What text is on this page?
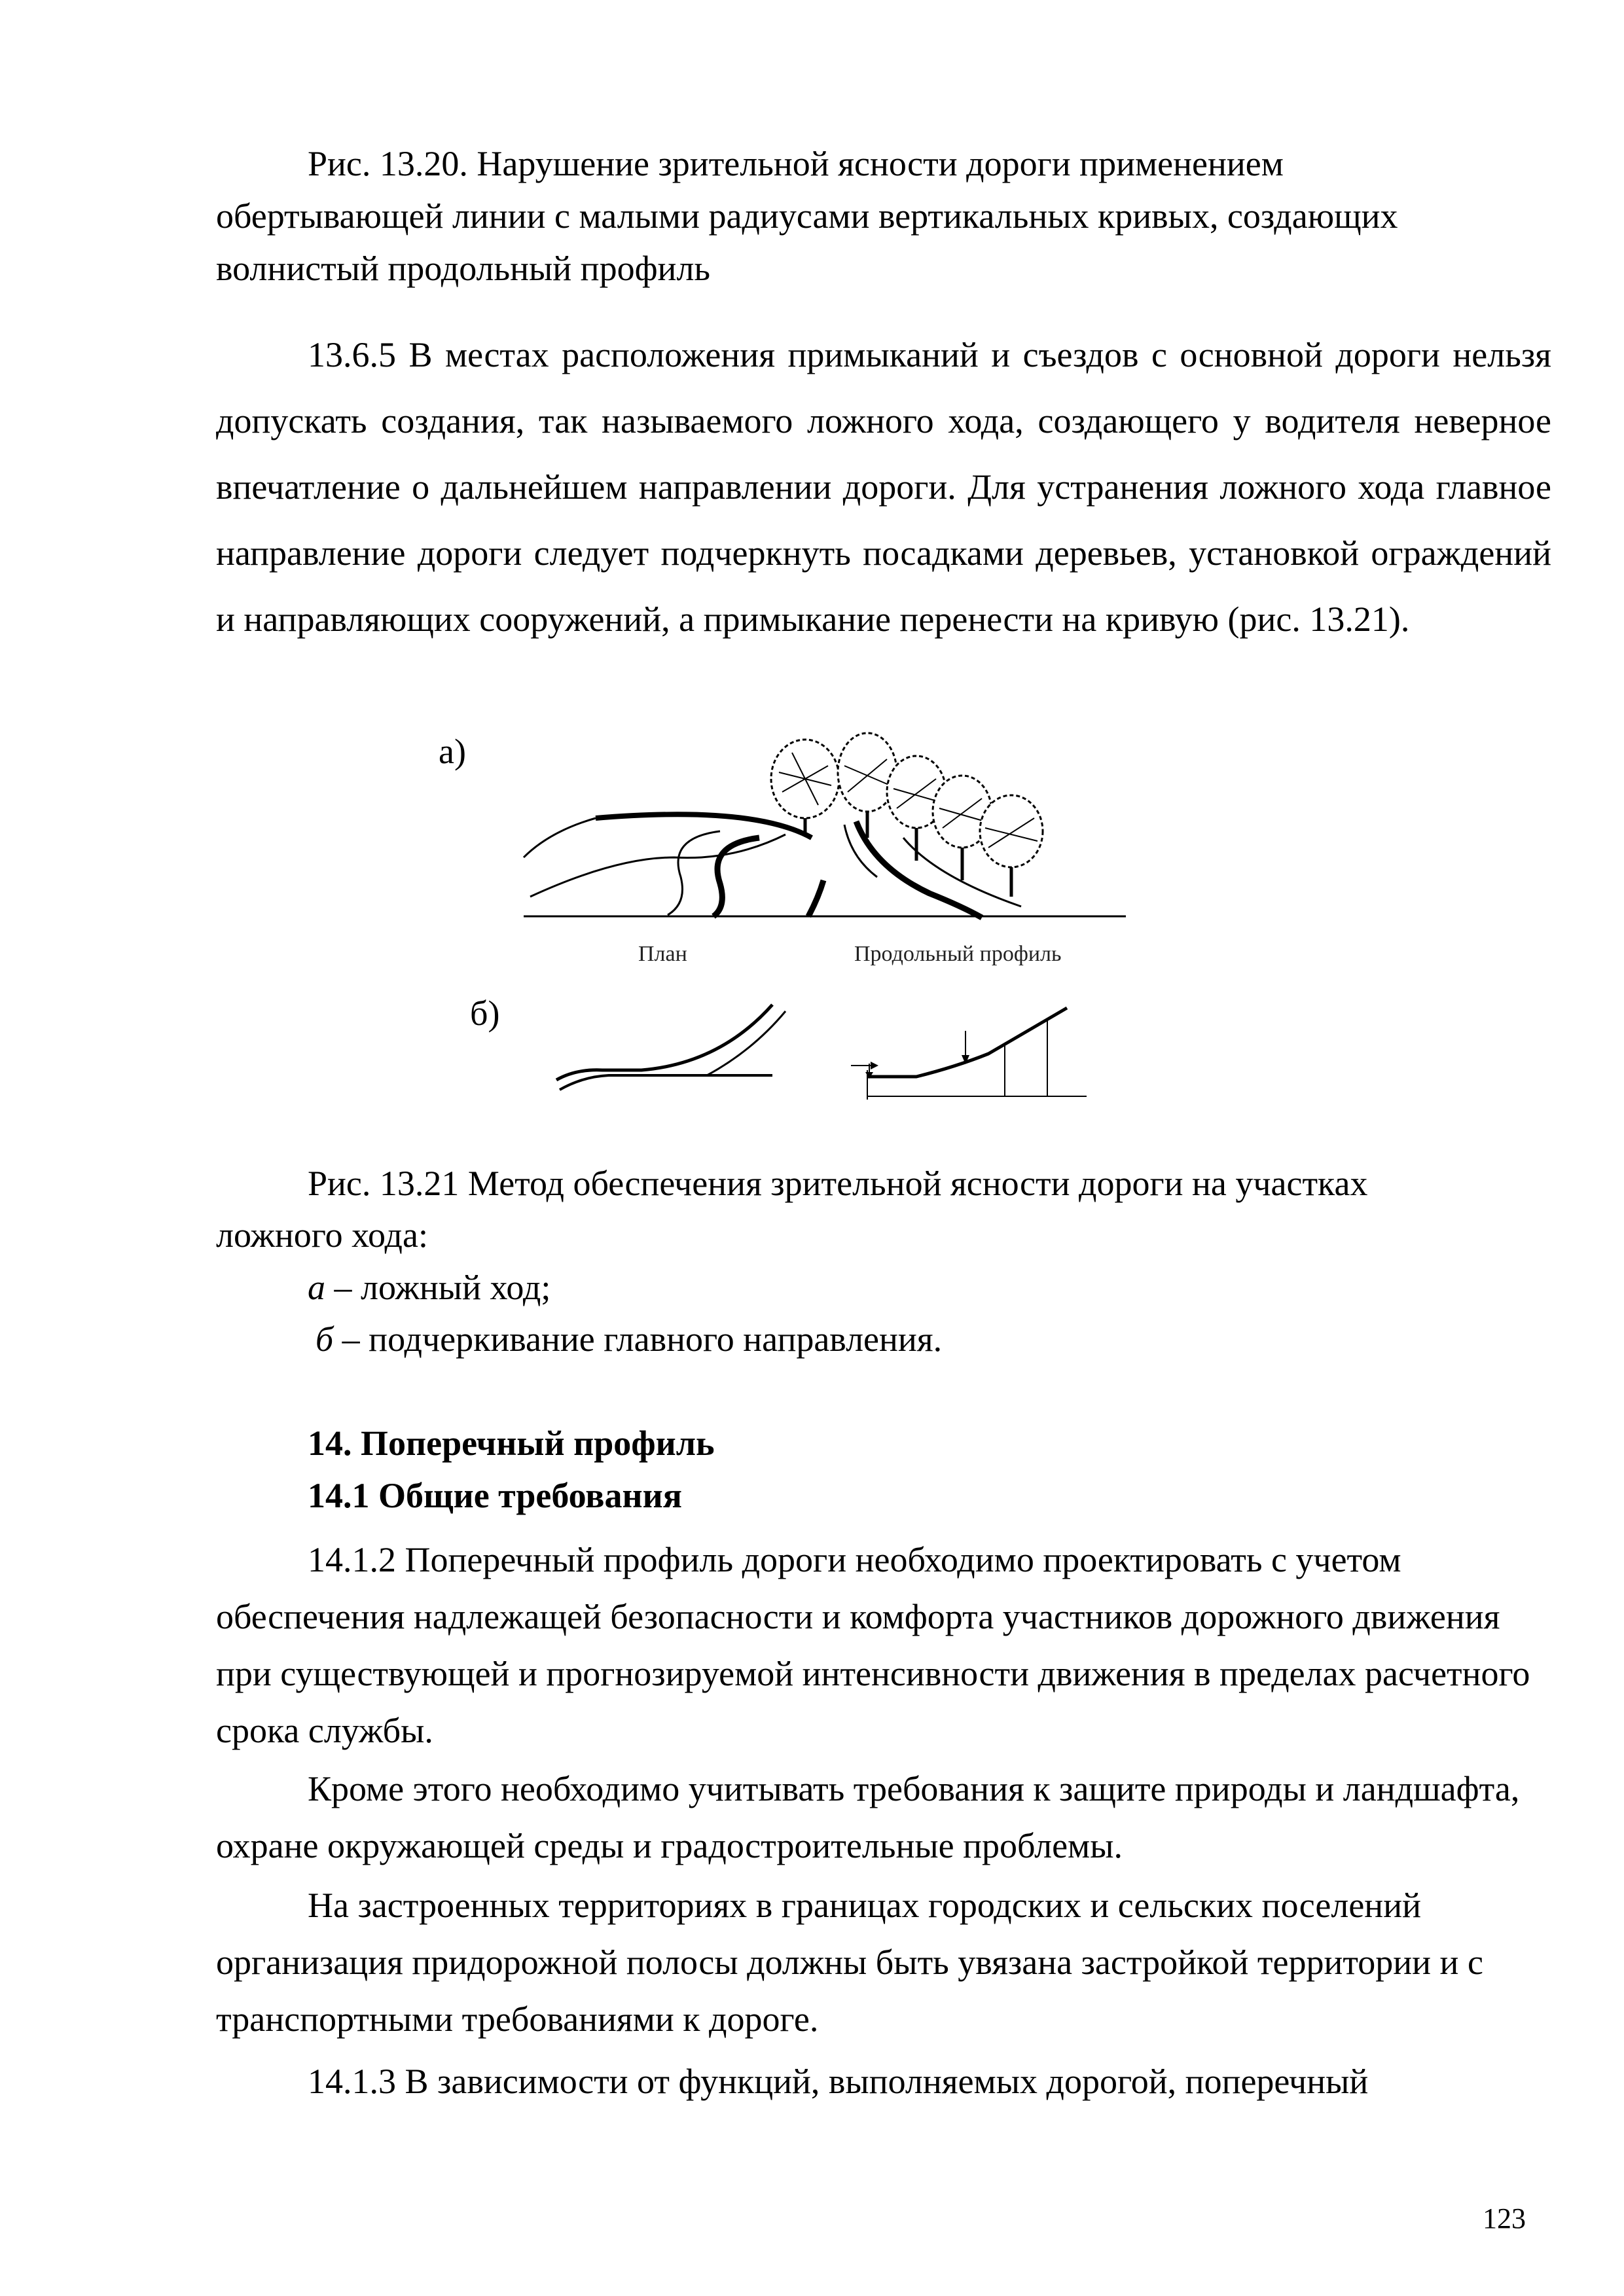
Рис. 13.20. Нарушение зрительной ясности дороги применением обертывающей линии с малыми радиусами вертикальных кривых, создающих волнистый продольный профиль

13.6.5 В местах расположения примыканий и съездов с основной дороги нельзя допускать создания, так называемого ложного хода, создающего у водителя неверное впечатление о дальнейшем направлении дороги. Для устранения ложного хода главное направление дороги следует подчеркнуть посадками деревьев, установкой ограждений и направляющих сооружений, а примыкание перенести на кривую (рис. 13.21).

а)
План	Продольный профиль
б)

Рис. 13.21 Метод обеспечения зрительной ясности дороги на участках

ложного хода:

а – ложный ход;

б – подчеркивание главного направления.

14. Поперечный профиль
14.1 Общие требования

14.1.2 Поперечный профиль дороги необходимо проектировать с учетом обеспечения надлежащей безопасности и комфорта участников дорожного движения при существующей и прогнозируемой интенсивности движения в пределах расчетного срока службы.

Кроме этого необходимо учитывать требования к защите природы и ландшафта, охране окружающей среды и градостроительные проблемы.

На застроенных территориях в границах городских и сельских поселений организация придорожной полосы должны быть увязана застройкой территории и с транспортными требованиями к дороге.

14.1.3 В зависимости от функций, выполняемых дорогой, поперечный

123
